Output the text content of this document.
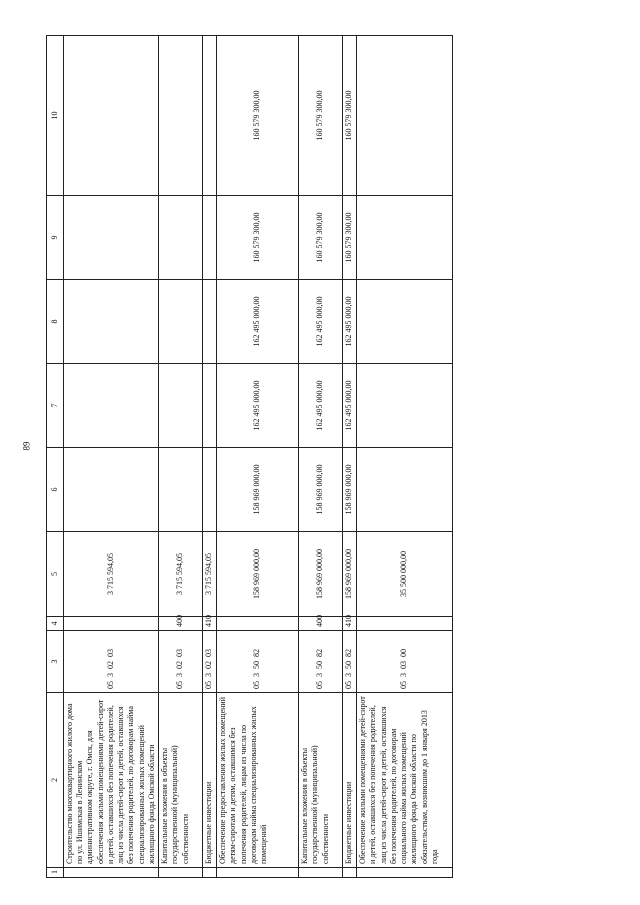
89
1	2	3	4	5	6	7	8	9	10
	Строительство многоквартирного жилого дома по ул. Ишимская в Ленинском административном округе, г. Омск, для обеспечения жильми помещениями детей-сирот и детей, оставшихся без попечения родителей, лиц из числа детей-сирот и детей, оставшихся без попечения родителей, по договорам найма специализированных жилых помещений жилищного фонда Омской области	05 3 02 03		3 715 594,05					
	Капитальные вложения в объекты государственной (муниципальной) собственности	05 3 02 03	400	3 715 594,05					
	Бюджетные инвестиции	05 3 02 03	410	3 715 594,05					
	Обеспечение предоставления жилых помещений детям-сиротам и детям, оставшимся без попечения родителей, лицам из числа по договорам найма специализированных жилых помещений	05 3 50 82		158 969 000,00	158 969 000,00	162 495 000,00	162 495 000,00	160 579 300,00	160 579 300,00
	Капитальные вложения в объекты государственной (муниципальной) собственности	05 3 50 82	400	158 969 000,00	158 969 000,00	162 495 000,00	162 495 000,00	160 579 300,00	160 579 300,00
	Бюджетные инвестиции	05 3 50 82	410	158 969 000,00	158 969 000,00	162 495 000,00	162 495 000,00	160 579 300,00	160 579 300,00
	Обеспечение жилыми помещениями детей-сирот и детей, оставшихся без попечения родителей, лиц из числа детей-сирот и детей, оставшихся без попечения родителей, по договорам социального найма жилых помещений жилищного фонда Омской области по обязательствам, возникшим до 1 января 2013 года	05 3 03 00		35 500 000,00					
